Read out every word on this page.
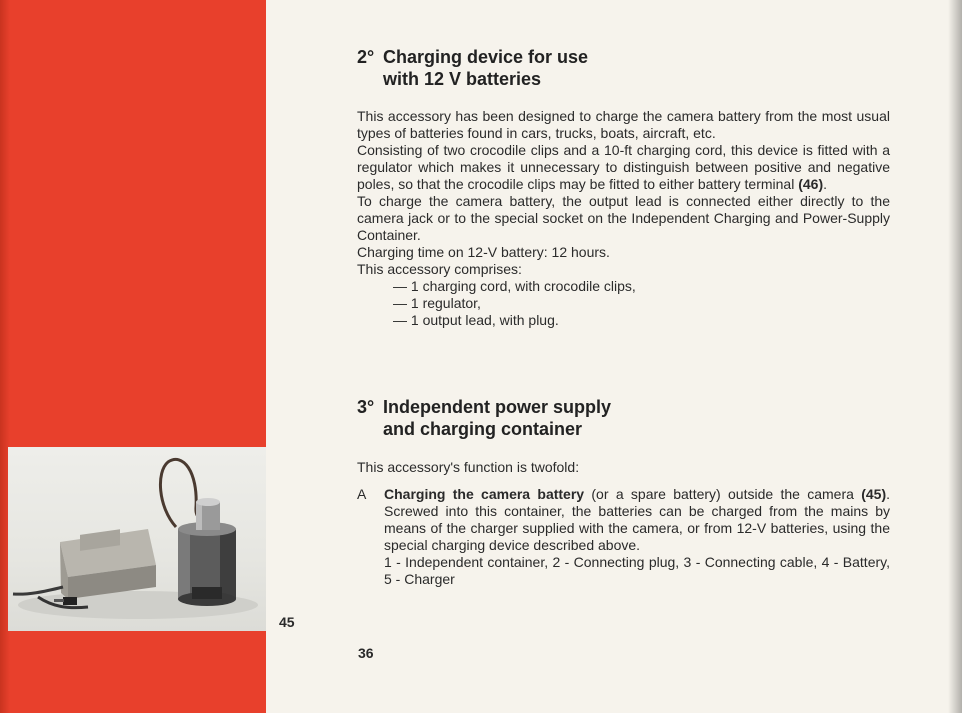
45
2° Charging device for use
with 12 V batteries

This accessory has been designed to charge the camera battery from the most usual types of batteries found in cars, trucks, boats, aircraft, etc.

Consisting of two crocodile clips and a 10-ft charging cord, this device is fitted with a regulator which makes it unnecessary to distinguish between positive and negative poles, so that the crocodile clips may be fitted to either battery terminal (46).

To charge the camera battery, the output lead is connected either directly to the camera jack or to the special socket on the Independent Charging and Power-Supply Container.

Charging time on 12-V battery: 12 hours.

This accessory comprises:

— 1 charging cord, with crocodile clips,
— 1 regulator,
— 1 output lead, with plug.
3° Independent power supply
and charging container
This accessory's function is twofold:
A Charging the camera battery (or a spare battery) outside the camera (45). Screwed into this container, the batteries can be charged from the mains by means of the charger supplied with the camera, or from 12-V batteries, using the special charging device described above.
1 - Independent container, 2 - Connecting plug, 3 - Connecting cable, 4 - Battery, 5 - Charger
36
